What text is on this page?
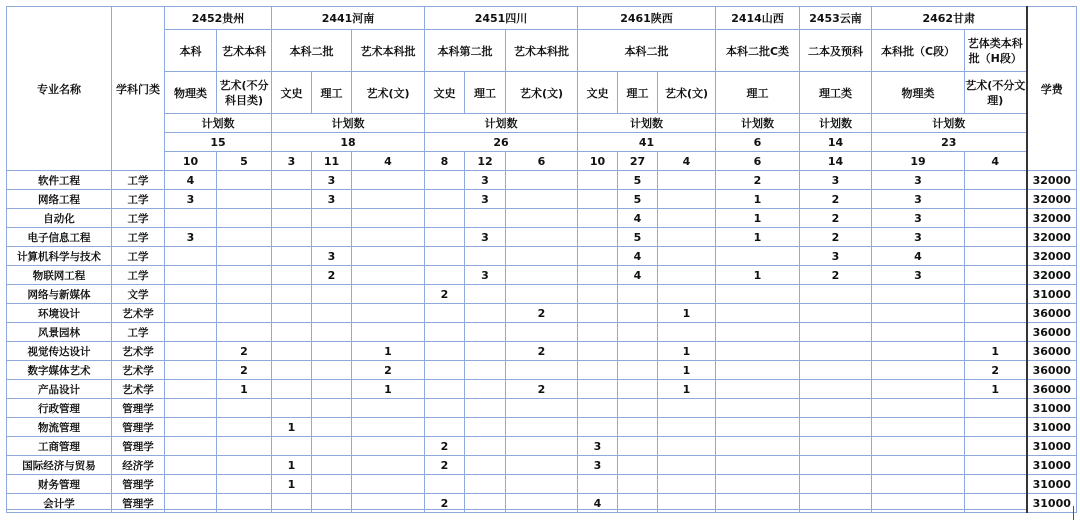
专业名称	学科门类	2452贵州		2441河南			2451四川			2461陕西			2414山西	2453云南	2462甘肃		学费
		本科	艺术本科	本科二批		艺术本科批	本科第二批		艺术本科批	本科二批			本科二批C类	二本及预科	本科批（C段）	艺体类本科批（H段）	
		物理类	艺术(不分科目类)	文史	理工	艺术(文)	文史	理工	艺术(文)	文史	理工	艺术(文)	理工	理工类	物理类	艺术(不分文理)	
		计划数		计划数			计划数			计划数			计划数	计划数	计划数		
		15		18			26			41			6	14	23		
		10	5	3	11	4	8	12	6	10	27	4	6	14	19	4	
软件工程	工学	4			3			3			5		2	3	3		32000
网络工程	工学	3			3			3			5		1	2	3		32000
自动化	工学										4		1	2	3		32000
电子信息工程	工学	3						3			5		1	2	3		32000
计算机科学与技术	工学				3						4			3	4		32000
物联网工程	工学				2			3			4		1	2	3		32000
网络与新媒体	文学						2										31000
环境设计	艺术学								2			1					36000
风景园林	工学																36000
视觉传达设计	艺术学		2			1			2			1				1	36000
数字媒体艺术	艺术学		2			2						1				2	36000
产品设计	艺术学		1			1			2			1				1	36000
行政管理	管理学																31000
物流管理	管理学			1													31000
工商管理	管理学						2			3							31000
国际经济与贸易	经济学			1			2			3							31000
财务管理	管理学			1													31000
会计学	管理学						2			4							31000
